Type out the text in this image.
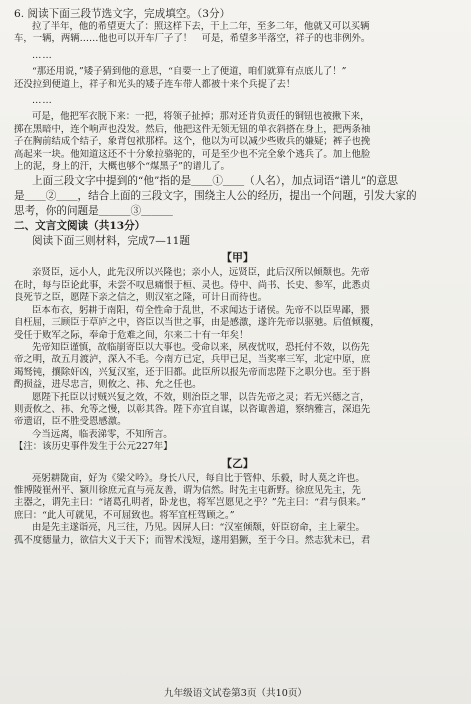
6. 阅读下面三段节选文字，完成填空。（3分）
拉了半年，他的希望更大了：照这样下去，干上二年，至多二年，他就又可以买辆
车，一辆，两辆……他也可以开车厂子了！　可是，希望多半落空，祥子的也非例外。
……
“那还用说，”矮子猜到他的意思，“自要一上了便道，咱们就算有点底儿了！”
还没拉到便道上，祥子和光头的矮子连车带人都被十来个兵捉了去！
……
可是，他把军衣脱下来：一把，将领子扯掉；那对还肯负责任的铜钮也被揪下来，
掷在黑暗中，连个响声也没发。然后，他把这件无领无钮的单衣斜搭在身上，把两条袖
子在胸前结成个结子，象背包袱那样。这个，他以为可以减少些败兵的嫌疑；裤子也挽
高起来一块。他知道这还不十分象拉骆驼的，可是至少也不完全象个逃兵了。加上他脸
上的泥，身上的汗，大概也够个“煤黑子”的谱儿了。
上面三段文字中提到的“他”指的是＿＿①＿＿（人名），加点词语“谱儿”的意思
是＿＿②＿＿，结合上面的三段文字，围绕主人公的经历，提出一个问题，引发大家的
思考，你的问题是＿＿＿③＿＿＿
二、文言文阅读（共13分）
阅读下面三则材料，完成7—11题
【甲】
亲贤臣，远小人，此先汉所以兴隆也；亲小人，远贤臣，此后汉所以倾颓也。先帝
在时，每与臣论此事，未尝不叹息痛恨于桓、灵也。侍中、尚书、长史、参军，此悉贞
良死节之臣，愿陛下亲之信之，则汉室之隆，可计日而待也。
臣本布衣，躬耕于南阳，苟全性命于乱世，不求闻达于诸侯。先帝不以臣卑鄙，猥
自枉屈，三顾臣于草庐之中，咨臣以当世之事，由是感激，遂许先帝以驱驰。后值倾覆，
受任于败军之际，奉命于危难之间，尔来二十有一年矣！
先帝知臣谨慎，故临崩寄臣以大事也。受命以来，夙夜忧叹，恐托付不效，以伤先
帝之明，故五月渡泸，深入不毛。今南方已定，兵甲已足，当奖率三军，北定中原，庶
竭驽钝，攘除奸凶，兴复汉室，还于旧都。此臣所以报先帝而忠陛下之职分也。至于斟
酌损益，进尽忠言，则攸之、祎、允之任也。
愿陛下托臣以讨贼兴复之效，不效，则治臣之罪，以告先帝之灵；若无兴德之言，
则责攸之、祎、允等之慢，以彰其咎。陛下亦宜自谋，以咨诹善道，察纳雅言，深追先
帝遗诏，臣不胜受恩感激。
今当远离，临表涕零，不知所言。
【注：该历史事件发生于公元227年】
【乙】
亮躬耕陇亩，好为《梁父吟》。身长八尺，每自比于管仲、乐毅，时人莫之许也。
惟博陵崔州平、颍川徐庶元直与亮友善，谓为信然。时先主屯新野。徐庶见先主，先
主器之，谓先主曰：“诸葛孔明者，卧龙也，将军岂愿见之乎？”先主曰：“君与俱来。”
庶曰：“此人可就见，不可屈致也。将军宜枉驾顾之。”
由是先主遂诣亮，凡三往，乃见。因屏人曰：“汉室倾颓，奸臣窃命，主上蒙尘。
孤不度德量力，欲信大义于天下；而智术浅短，遂用猖獗，至于今日。然志犹未已，君
九年级语文试卷第3页（共10页）
